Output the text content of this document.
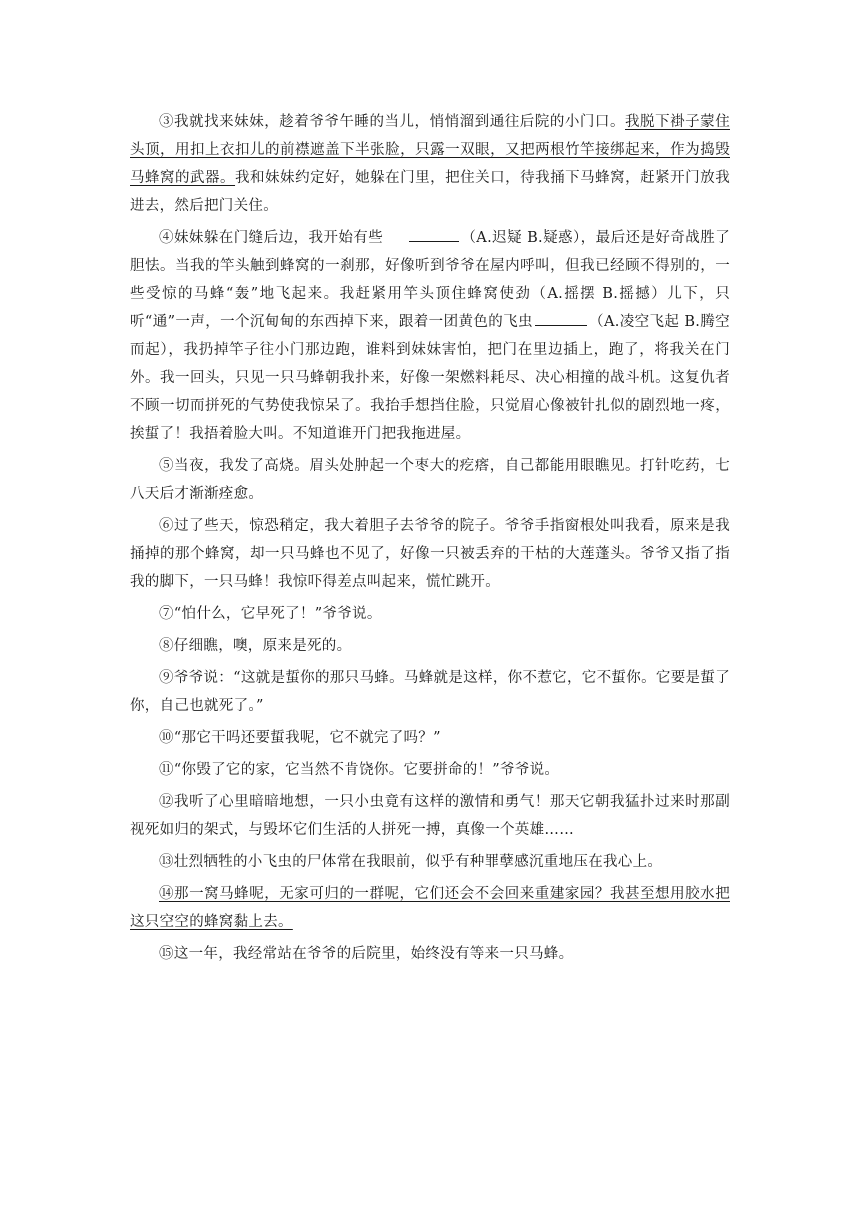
③我就找来妹妹，趁着爷爷午睡的当儿，悄悄溜到通往后院的小门口。我脱下褂子蒙住头顶，用扣上衣扣儿的前襟遮盖下半张脸，只露一双眼，又把两根竹竿接绑起来，作为捣毁马蜂窝的武器。我和妹妹约定好，她躲在门里，把住关口，待我捅下马蜂窝，赶紧开门放我进去，然后把门关住。

④妹妹躲在门缝后边，我开始有些	（A.迟疑 B.疑惑），最后还是好奇战胜了胆怯。当我的竿头触到蜂窝的一刹那，好像听到爷爷在屋内呼叫，但我已经顾不得别的，一些受惊的马蜂“轰”地飞起来。我赶紧用竿头顶住蜂窝使劲（A.摇摆 B.摇撼）儿下，只听“通”一声，一个沉甸甸的东西掉下来，跟着一团黄色的飞虫	（A.凌空飞起 B.腾空而起），我扔掉竿子往小门那边跑，谁料到妹妹害怕，把门在里边插上，跑了，将我关在门外。我一回头，只见一只马蜂朝我扑来，好像一架燃料耗尽、决心相撞的战斗机。这复仇者不顾一切而拼死的气势使我惊呆了。我抬手想挡住脸，只觉眉心像被针扎似的剧烈地一疼，挨蜇了！我捂着脸大叫。不知道谁开门把我拖进屋。

⑤当夜，我发了高烧。眉头处肿起一个枣大的疙瘩，自己都能用眼瞧见。打针吃药，七八天后才渐渐痊愈。

⑥过了些天，惊恐稍定，我大着胆子去爷爷的院子。爷爷手指窗根处叫我看，原来是我捅掉的那个蜂窝，却一只马蜂也不见了，好像一只被丢弃的干枯的大莲蓬头。爷爷又指了指我的脚下，一只马蜂！我惊吓得差点叫起来，慌忙跳开。

⑦“怕什么，它早死了！”爷爷说。

⑧仔细瞧，噢，原来是死的。

⑨爷爷说：“这就是蜇你的那只马蜂。马蜂就是这样，你不惹它，它不蜇你。它要是蜇了你，自己也就死了。”

⑩“那它干吗还要蜇我呢，它不就完了吗？”

⑪“你毁了它的家，它当然不肯饶你。它要拼命的！”爷爷说。

⑫我听了心里暗暗地想，一只小虫竟有这样的激情和勇气！那天它朝我猛扑过来时那副视死如归的架式，与毁坏它们生活的人拼死一搏，真像一个英雄……

⑬壮烈牺牲的小飞虫的尸体常在我眼前，似乎有种罪孽感沉重地压在我心上。

⑭那一窝马蜂呢，无家可归的一群呢，它们还会不会回来重建家园？我甚至想用胶水把这只空空的蜂窝黏上去。

⑮这一年，我经常站在爷爷的后院里，始终没有等来一只马蜂。
